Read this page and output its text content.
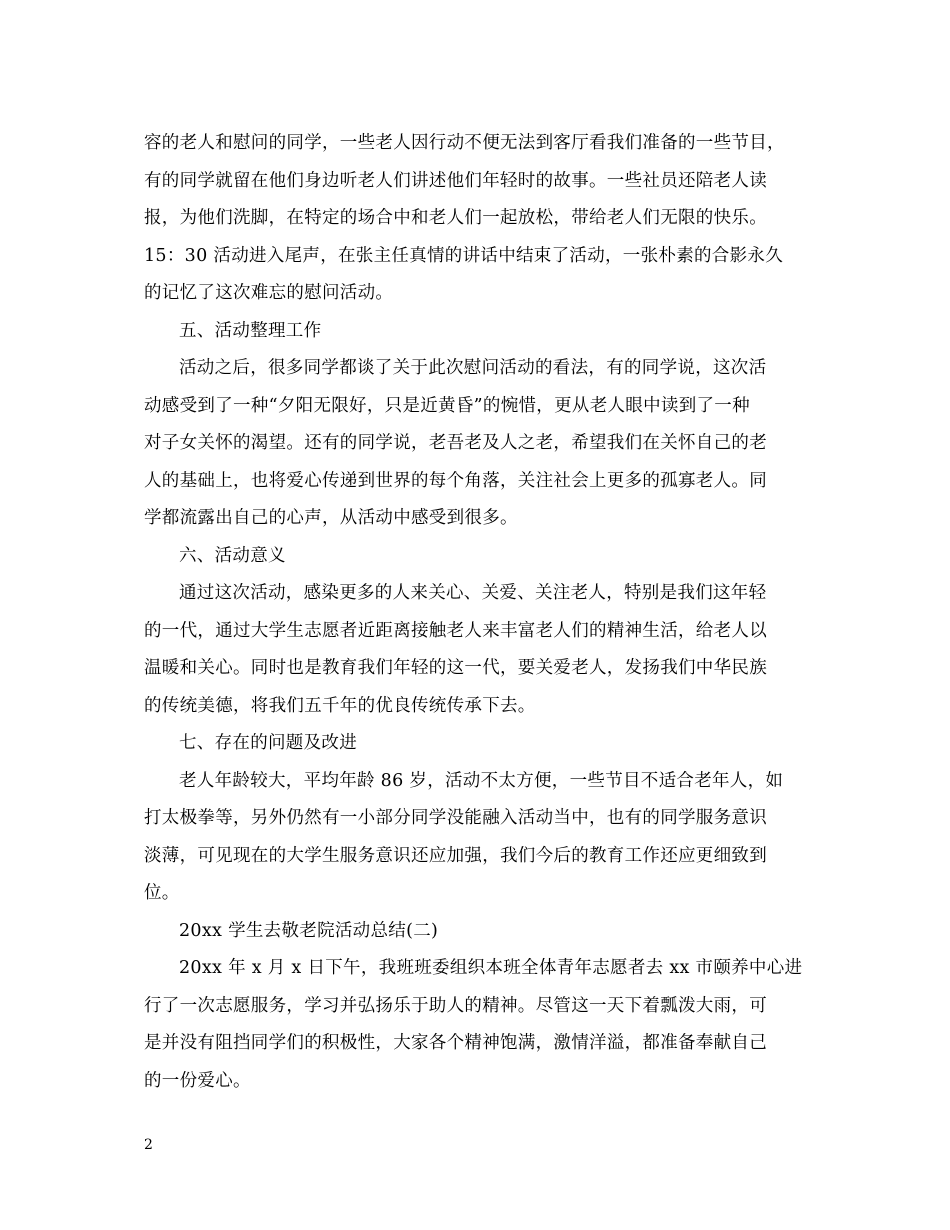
容的老人和慰问的同学，一些老人因行动不便无法到客厅看我们准备的一些节目，
有的同学就留在他们身边听老人们讲述他们年轻时的故事。一些社员还陪老人读
报，为他们洗脚，在特定的场合中和老人们一起放松，带给老人们无限的快乐。
15：30 活动进入尾声，在张主任真情的讲话中结束了活动，一张朴素的合影永久
的记忆了这次难忘的慰问活动。
五、活动整理工作
活动之后，很多同学都谈了关于此次慰问活动的看法，有的同学说，这次活
动感受到了一种“夕阳无限好，只是近黄昏”的惋惜，更从老人眼中读到了一种
对子女关怀的渴望。还有的同学说，老吾老及人之老，希望我们在关怀自己的老
人的基础上，也将爱心传递到世界的每个角落，关注社会上更多的孤寡老人。同
学都流露出自己的心声，从活动中感受到很多。
六、活动意义
通过这次活动，感染更多的人来关心、关爱、关注老人，特别是我们这年轻
的一代，通过大学生志愿者近距离接触老人来丰富老人们的精神生活，给老人以
温暖和关心。同时也是教育我们年轻的这一代，要关爱老人，发扬我们中华民族
的传统美德，将我们五千年的优良传统传承下去。
七、存在的问题及改进
老人年龄较大，平均年龄 86 岁，活动不太方便，一些节目不适合老年人，如
打太极拳等，另外仍然有一小部分同学没能融入活动当中，也有的同学服务意识
淡薄，可见现在的大学生服务意识还应加强，我们今后的教育工作还应更细致到
位。
20xx 学生去敬老院活动总结(二)
20xx 年 x 月 x 日下午，我班班委组织本班全体青年志愿者去 xx 市颐养中心进
行了一次志愿服务，学习并弘扬乐于助人的精神。尽管这一天下着瓢泼大雨，可
是并没有阻挡同学们的积极性，大家各个精神饱满，激情洋溢，都准备奉献自己
的一份爱心。
2
